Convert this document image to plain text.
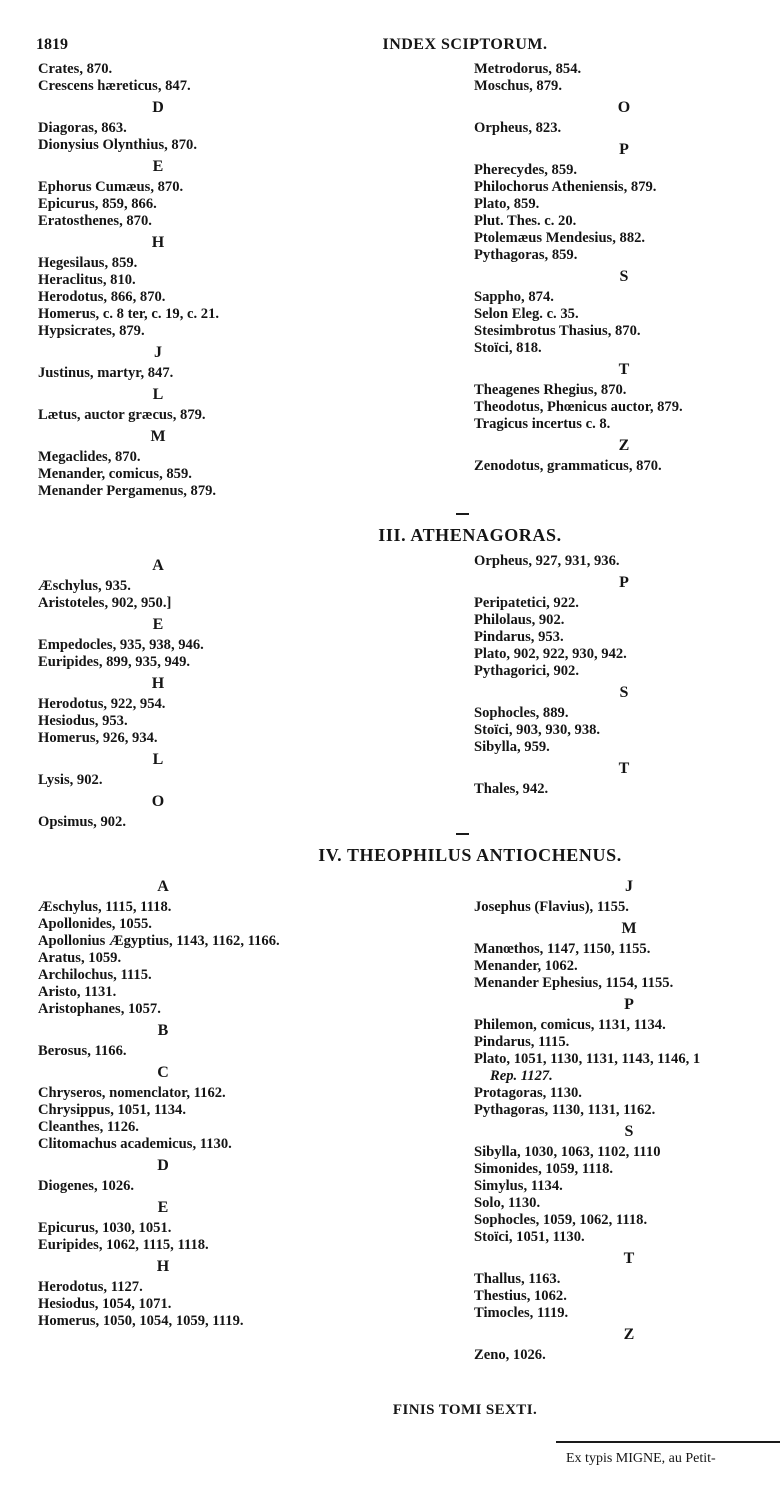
1819	INDEX SCIPTORUM.
Crates, 870.
Crescens hæreticus, 847.
D
Diagoras, 863.
Dionysius Olynthius, 870.
E
Ephorus Cumæus, 870.
Epicurus, 859, 866.
Eratosthenes, 870.
H
Hegesilaus, 859.
Heraclitus, 810.
Herodotus, 866, 870.
Homerus, c. 8 ter, c. 19, c. 21.
Hypsicrates, 879.
J
Justinus, martyr, 847.
L
Lætus, auctor græcus, 879.
M
Megaclides, 870.
Menander, comicus, 859.
Menander Pergamenus, 879.
Metrodorus, 854.
Moschus, 879.
O
Orpheus, 823.
P
Pherecydes, 859.
Philochorus Atheniensis, 879.
Plato, 859.
Plut. Thes. c. 20.
Ptolemæus Mendesius, 882.
Pythagoras, 859.
S
Sappho, 874.
Selon Eleg. c. 35.
Stesimbrotus Thasius, 870.
Stoïci, 818.
T
Theagenes Rhegius, 870.
Theodotus, Phœnicus auctor, 879.
Tragicus incertus c. 8.
Z
Zenodotus, grammaticus, 870.
III. ATHENAGORAS.
A
Æschylus, 935.
Aristoteles, 902, 950.]
E
Empedocles, 935, 938, 946.
Euripides, 899, 935, 949.
H
Herodotus, 922, 954.
Hesiodus, 953.
Homerus, 926, 934.
L
Lysis, 902.
O
Opsimus, 902.
Orpheus, 927, 931, 936.
P
Peripatetici, 922.
Philolaus, 902.
Pindarus, 953.
Plato, 902, 922, 930, 942.
Pythagorici, 902.
S
Sophocles, 889.
Stoïci, 903, 930, 938.
Sibylla, 959.
T
Thales, 942.
IV. THEOPHILUS ANTIOCHENUS.
A
Æschylus, 1115, 1118.
Apollonides, 1055.
Apollonius Ægyptius, 1143, 1162, 1166.
Aratus, 1059.
Archilochus, 1115.
Aristo, 1131.
Aristophanes, 1057.
B
Berosus, 1166.
C
Chryseros, nomenclator, 1162.
Chrysippus, 1051, 1134.
Cleanthes, 1126.
Clitomachus academicus, 1130.
D
Diogenes, 1026.
E
Epicurus, 1030, 1051.
Euripides, 1062, 1115, 1118.
H
Herodotus, 1127.
Hesiodus, 1054, 1071.
Homerus, 1050, 1054, 1059, 1119.
J
Josephus (Flavius), 1155.
M
Manœthos, 1147, 1150, 1155.
Menander, 1062.
Menander Ephesius, 1154, 1155.
P
Philemon, comicus, 1131, 1134.
Pindarus, 1115.
Plato, 1051, 1130, 1131, 1143, 1146, 1
Rep. 1127.
Protagoras, 1130.
Pythagoras, 1130, 1131, 1162.
S
Sibylla, 1030, 1063, 1102, 1110
Simonides, 1059, 1118.
Simylus, 1134.
Solo, 1130.
Sophocles, 1059, 1062, 1118.
Stoïci, 1051, 1130.
T
Thallus, 1163.
Thestius, 1062.
Timocles, 1119.
Z
Zeno, 1026.
FINIS TOMI SEXTI.
Ex typis MIGNE, au Petit-
